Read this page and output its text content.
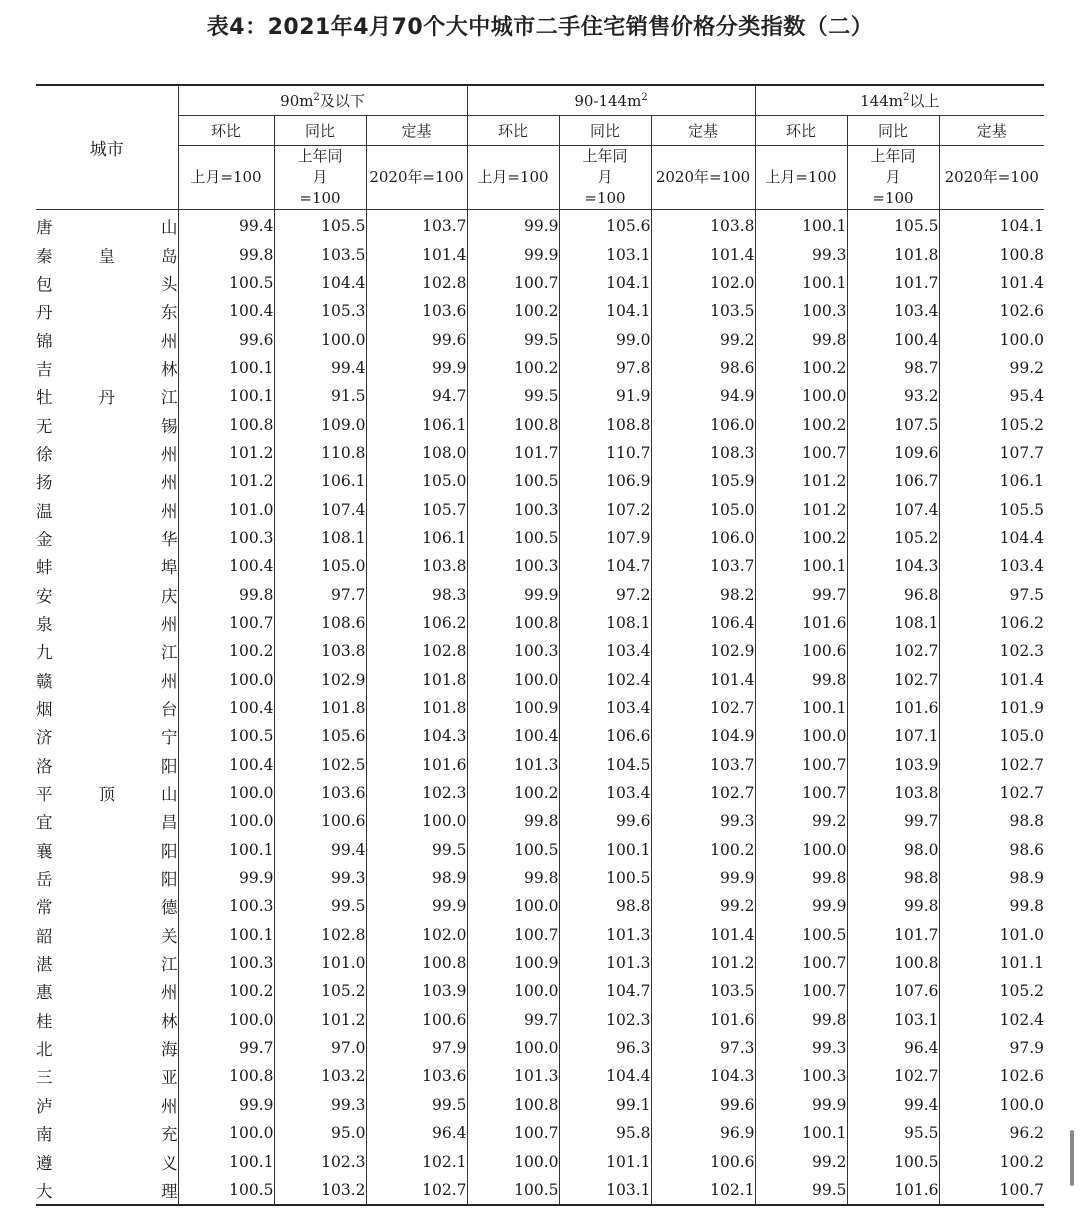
表4：2021年4月70个大中城市二手住宅销售价格分类指数（二）
城市	$90m^2$及以下			$90-144m^2$			$144m^2$以上		
	环比	同比	定基	环比	同比	定基	环比	同比	定基
	上月=100	上年同月=100	2020年=100	上月=100	上年同月=100	2020年=100	上月=100	上年同月=100	2020年=100

唐 山	99.4	105.5	103.7	99.9	105.6	103.8	100.1	105.5	104.1

秦 皇 岛	99.8	103.5	101.4	99.9	103.1	101.4	99.3	101.8	100.8

包 头	100.5	104.4	102.8	100.7	104.1	102.0	100.1	101.7	101.4

丹 东	100.4	105.3	103.6	100.2	104.1	103.5	100.3	103.4	102.6

锦 州	99.6	100.0	99.6	99.5	99.0	99.2	99.8	100.4	100.0

吉 林	100.1	99.4	99.9	100.2	97.8	98.6	100.2	98.7	99.2

牡 丹 江	100.1	91.5	94.7	99.5	91.9	94.9	100.0	93.2	95.4

无 锡	100.8	109.0	106.1	100.8	108.8	106.0	100.2	107.5	105.2

徐 州	101.2	110.8	108.0	101.7	110.7	108.3	100.7	109.6	107.7

扬 州	101.2	106.1	105.0	100.5	106.9	105.9	101.2	106.7	106.1

温 州	101.0	107.4	105.7	100.3	107.2	105.0	101.2	107.4	105.5

金 华	100.3	108.1	106.1	100.5	107.9	106.0	100.2	105.2	104.4

蚌 埠	100.4	105.0	103.8	100.3	104.7	103.7	100.1	104.3	103.4

安 庆	99.8	97.7	98.3	99.9	97.2	98.2	99.7	96.8	97.5

泉 州	100.7	108.6	106.2	100.8	108.1	106.4	101.6	108.1	106.2

九 江	100.2	103.8	102.8	100.3	103.4	102.9	100.6	102.7	102.3

赣 州	100.0	102.9	101.8	100.0	102.4	101.4	99.8	102.7	101.4

烟 台	100.4	101.8	101.8	100.9	103.4	102.7	100.1	101.6	101.9

济 宁	100.5	105.6	104.3	100.4	106.6	104.9	100.0	107.1	105.0

洛 阳	100.4	102.5	101.6	101.3	104.5	103.7	100.7	103.9	102.7

平 顶 山	100.0	103.6	102.3	100.2	103.4	102.7	100.7	103.8	102.7

宜 昌	100.0	100.6	100.0	99.8	99.6	99.3	99.2	99.7	98.8

襄 阳	100.1	99.4	99.5	100.5	100.1	100.2	100.0	98.0	98.6

岳 阳	99.9	99.3	98.9	99.8	100.5	99.9	99.8	98.8	98.9

常 德	100.3	99.5	99.9	100.0	98.8	99.2	99.9	99.8	99.8

韶 关	100.1	102.8	102.0	100.7	101.3	101.4	100.5	101.7	101.0

湛 江	100.3	101.0	100.8	100.9	101.3	101.2	100.7	100.8	101.1

惠 州	100.2	105.2	103.9	100.0	104.7	103.5	100.7	107.6	105.2

桂 林	100.0	101.2	100.6	99.7	102.3	101.6	99.8	103.1	102.4

北 海	99.7	97.0	97.9	100.0	96.3	97.3	99.3	96.4	97.9

三 亚	100.8	103.2	103.6	101.3	104.4	104.3	100.3	102.7	102.6

泸 州	99.9	99.3	99.5	100.8	99.1	99.6	99.9	99.4	100.0

南 充	100.0	95.0	96.4	100.7	95.8	96.9	100.1	95.5	96.2

遵 义	100.1	102.3	102.1	100.0	101.1	100.6	99.2	100.5	100.2

大 理	100.5	103.2	102.7	100.5	103.1	102.1	99.5	101.6	100.7
